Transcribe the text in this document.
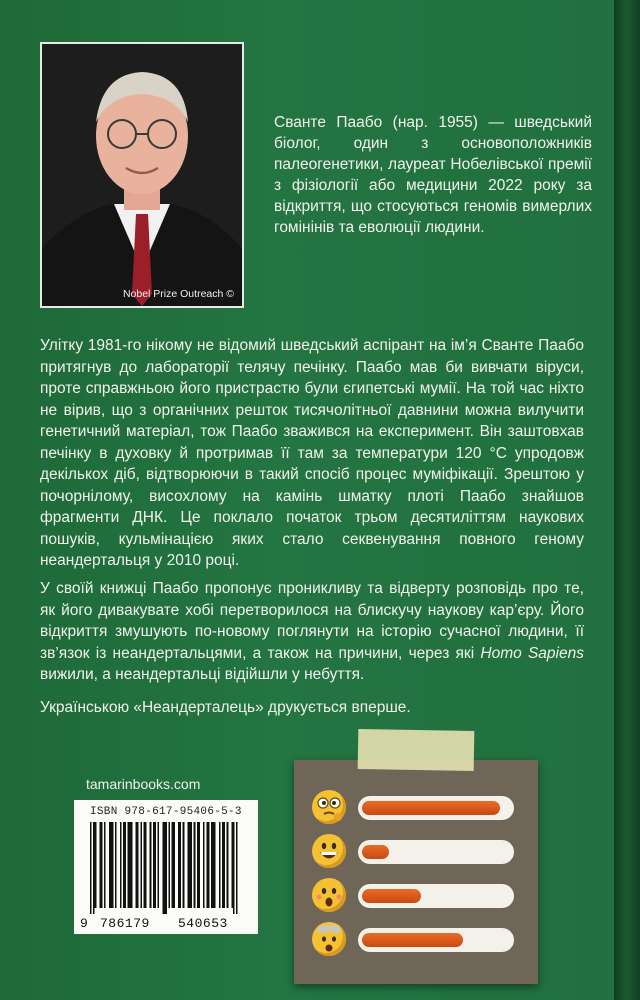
Nobel Prize Outreach ©

Сванте Паабо (нар. 1955) — шведський біолог, один з основоположників палеогенетики, лауреат Нобелівської премії з фізіології або медицини 2022 року за відкриття, що стосуються геномів вимерлих гомінінів та еволюції людини.

Улітку 1981-го нікому не відомий шведський аспірант на ім’я Сванте Паабо притягнув до лабораторії телячу печінку. Паабо мав би вивчати віруси, проте справжньою його пристрастю були єгипетські мумії. На той час ніхто не вірив, що з органічних решток тисячолітньої давнини можна вилучити генетичний матеріал, тож Паабо зважився на експеримент. Він заштовхав печінку в духовку й протримав її там за температури 120 °С упродовж декількох діб, відтворюючи в такий спосіб процес муміфікації. Зрештою у почорнілому, висохлому на камінь шматку плоті Паабо знайшов фрагменти ДНК. Це поклало початок трьом десятиліттям наукових пошуків, кульмінацією яких стало секвенування повного геному неандертальця у 2010 році.

У своїй книжці Паабо пропонує проникливу та відверту розповідь про те, як його дивакувате хобі перетворилося на блискучу наукову кар’єру. Його відкриття змушують по-новому поглянути на історію сучасної людини, її зв’язок із неандертальцями, а також на причини, через які Homo Sapiens вижили, а неандертальці відійшли у небуття.

Українською «Неандерталець» друкується вперше.

tamarinbooks.com
ISBN 978-617-95406-5-3
9 786179 540653
